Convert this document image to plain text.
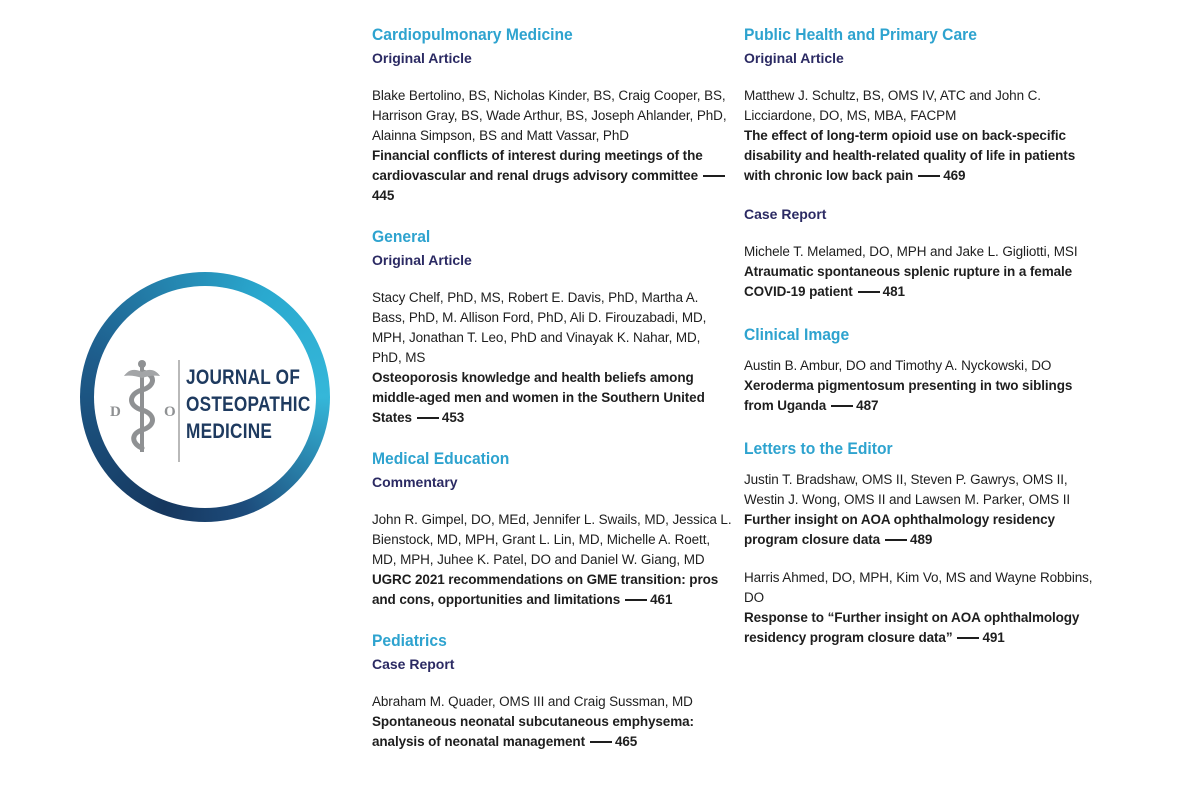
D	O
JOURNAL OF
OSTEOPATHIC
MEDICINE
Cardiopulmonary Medicine
Original Article
Blake Bertolino, BS, Nicholas Kinder, BS, Craig Cooper, BS, Harrison Gray, BS, Wade Arthur, BS, Joseph Ahlander, PhD, Alainna Simpson, BS and Matt Vassar, PhD
Financial conflicts of interest during meetings of the cardiovascular and renal drugs advisory committee445
General
Original Article
Stacy Chelf, PhD, MS, Robert E. Davis, PhD, Martha A. Bass, PhD, M. Allison Ford, PhD, Ali D. Firouzabadi, MD, MPH, Jonathan T. Leo, PhD and Vinayak K. Nahar, MD, PhD, MS
Osteoporosis knowledge and health beliefs among middle-aged men and women in the Southern United States 453
Medical Education
Commentary
John R. Gimpel, DO, MEd, Jennifer L. Swails, MD, Jessica L. Bienstock, MD, MPH, Grant L. Lin, MD, Michelle A. Roett, MD, MPH, Juhee K. Patel, DO and Daniel W. Giang, MD
UGRC 2021 recommendations on GME transition: pros and cons, opportunities and limitations 461
Pediatrics
Case Report
Abraham M. Quader, OMS III and Craig Sussman, MD
Spontaneous neonatal subcutaneous emphysema: analysis of neonatal management 465
Public Health and Primary Care
Original Article
Matthew J. Schultz, BS, OMS IV, ATC and John C. Licciardone, DO, MS, MBA, FACPM
The effect of long-term opioid use on back-specific disability and health-related quality of life in patients with chronic low back pain 469
Case Report
Michele T. Melamed, DO, MPH and Jake L. Gigliotti, MSI
Atraumatic spontaneous splenic rupture in a female COVID-19 patient 481
Clinical Image
Austin B. Ambur, DO and Timothy A. Nyckowski, DO
Xeroderma pigmentosum presenting in two siblings from Uganda 487
Letters to the Editor
Justin T. Bradshaw, OMS II, Steven P. Gawrys, OMS II, Westin J. Wong, OMS II and Lawsen M. Parker, OMS II
Further insight on AOA ophthalmology residency program closure data 489
Harris Ahmed, DO, MPH, Kim Vo, MS and Wayne Robbins, DO
Response to “Further insight on AOA ophthalmology residency program closure data” 491
